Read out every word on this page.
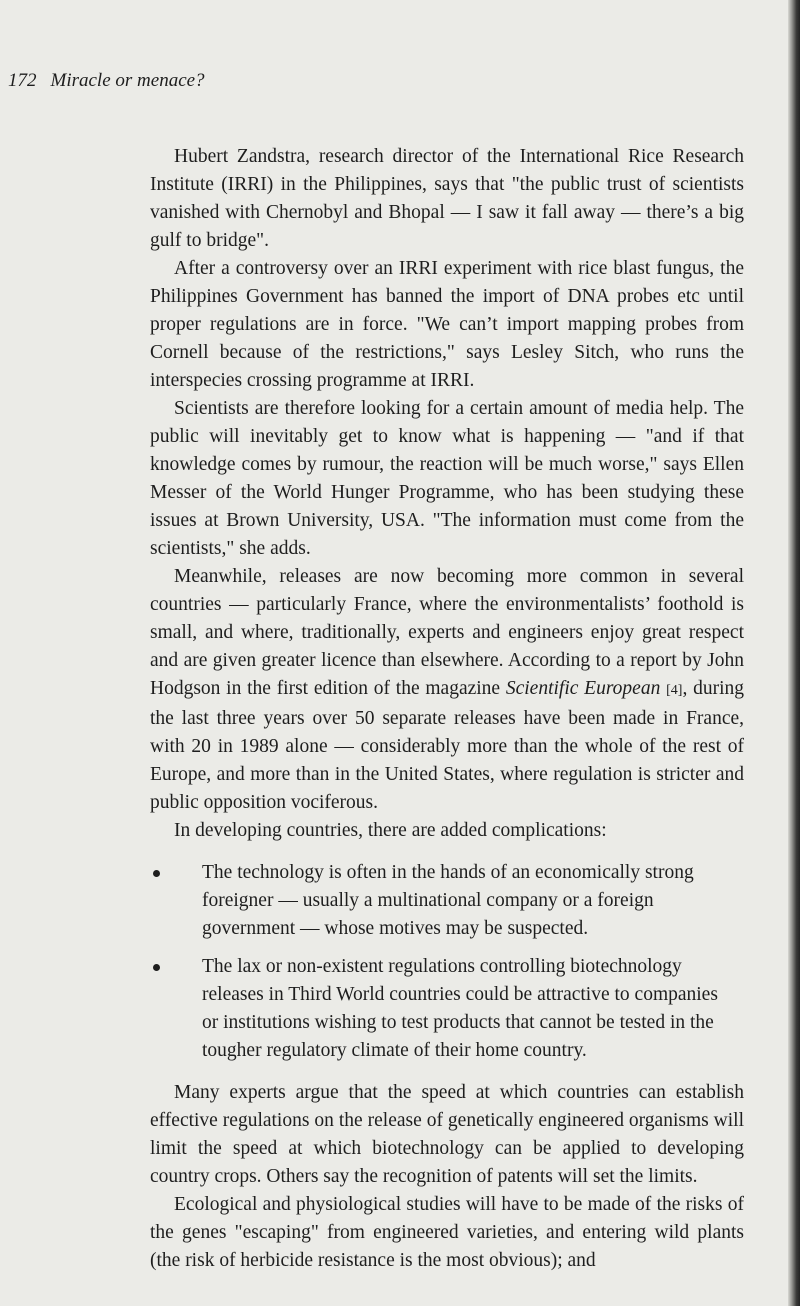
172 Miracle or menace?

Hubert Zandstra, research director of the International Rice Research Institute (IRRI) in the Philippines, says that "the public trust of scientists vanished with Chernobyl and Bhopal — I saw it fall away — there’s a big gulf to bridge".

After a controversy over an IRRI experiment with rice blast fungus, the Philippines Government has banned the import of DNA probes etc until proper regulations are in force. "We can’t import mapping probes from Cornell because of the restrictions," says Lesley Sitch, who runs the interspecies crossing programme at IRRI.

Scientists are therefore looking for a certain amount of media help. The public will inevitably get to know what is happening — "and if that knowledge comes by rumour, the reaction will be much worse," says Ellen Messer of the World Hunger Programme, who has been studying these issues at Brown University, USA. "The information must come from the scientists," she adds.

Meanwhile, releases are now becoming more common in several countries — particularly France, where the environmentalists’ foothold is small, and where, traditionally, experts and engineers enjoy great respect and are given greater licence than elsewhere. According to a report by John Hodgson in the first edition of the magazine Scientific European [4], during the last three years over 50 separate releases have been made in France, with 20 in 1989 alone — considerably more than the whole of the rest of Europe, and more than in the United States, where regulation is stricter and public opposition vociferous.

In developing countries, there are added complications:

The technology is often in the hands of an economically strong foreigner — usually a multinational company or a foreign government — whose motives may be suspected.
The lax or non-existent regulations controlling biotechnology releases in Third World countries could be attractive to companies or institutions wishing to test products that cannot be tested in the tougher regulatory climate of their home country.

Many experts argue that the speed at which countries can establish effective regulations on the release of genetically engineered organisms will limit the speed at which biotechnology can be applied to developing country crops. Others say the recognition of patents will set the limits.

Ecological and physiological studies will have to be made of the risks of the genes "escaping" from engineered varieties, and entering wild plants (the risk of herbicide resistance is the most obvious); and
